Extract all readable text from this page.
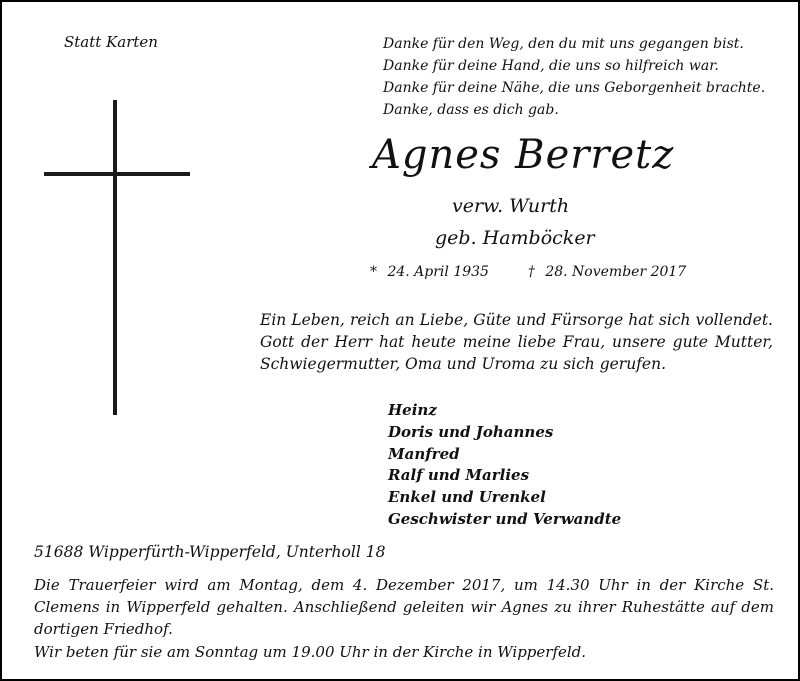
Statt Karten	Danke für den Weg, den du mit uns gegangen bist.
Danke für deine Hand, die uns so hilfreich war.
Danke für deine Nähe, die uns Geborgenheit brachte.
Danke, dass es dich gab.
Agnes Berretz
verw. Wurth
geb. Hamböcker
* 24. April 1935	† 28. November 2017
Ein Leben, reich an Liebe, Güte und Fürsorge hat sich vollendet. Gott der Herr hat heute meine liebe Frau, unsere gute Mutter, Schwiegermutter, Oma und Uroma zu sich gerufen.
Heinz
Doris und Johannes
Manfred
Ralf und Marlies
Enkel und Urenkel
Geschwister und Verwandte
51688 Wipperfürth-Wipperfeld, Unterholl 18
Die Trauerfeier wird am Montag, dem 4. Dezember 2017, um 14.30 Uhr in der Kirche St. Clemens in Wipperfeld gehalten. Anschließend geleiten wir Agnes zu ihrer Ruhestätte auf dem dortigen Friedhof.
Wir beten für sie am Sonntag um 19.00 Uhr in der Kirche in Wipperfeld.
